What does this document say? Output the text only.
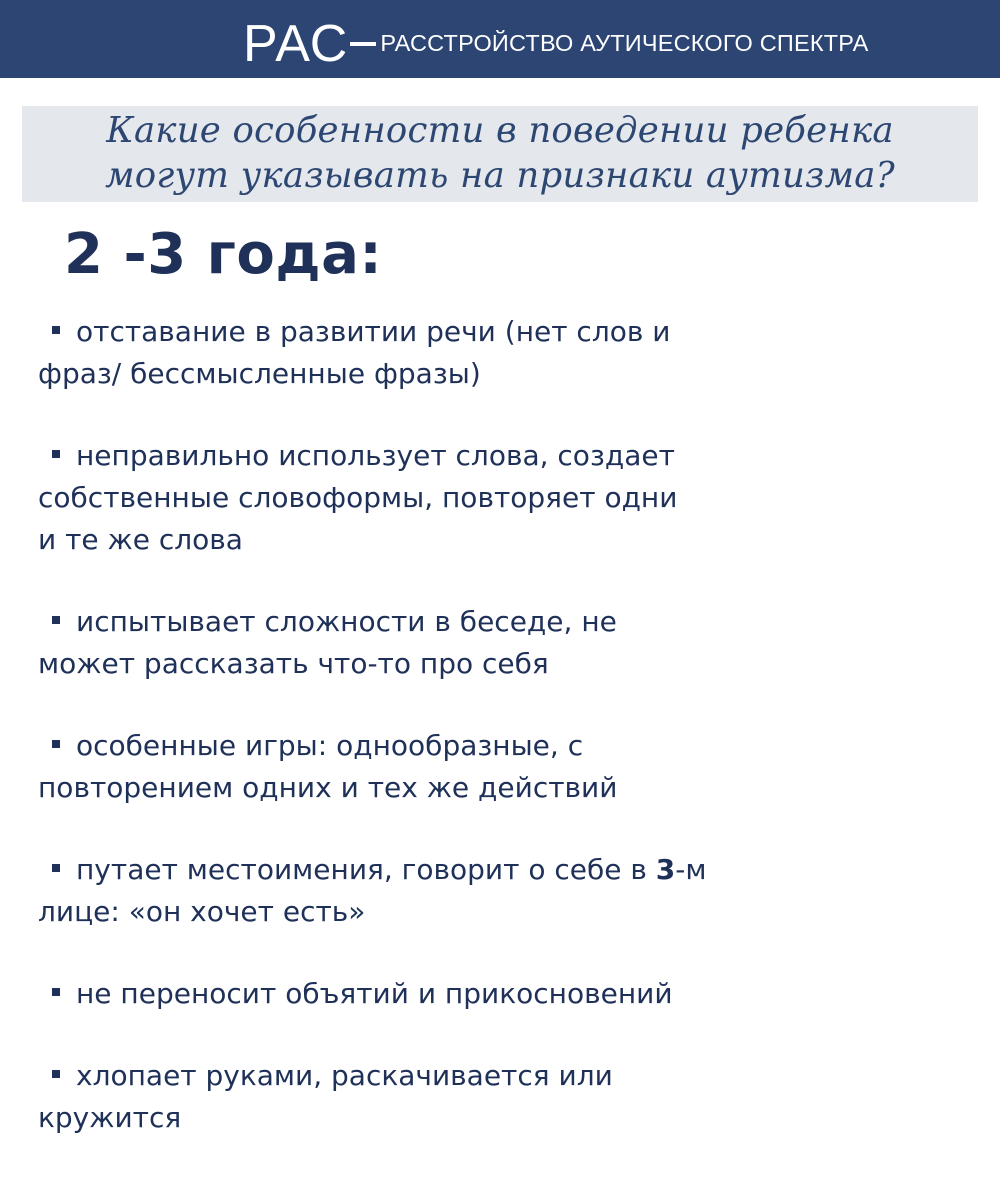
РАС РАССТРОЙСТВО АУТИЧЕСКОГО СПЕКТРА

Какие особенности в поведении ребенка
могут указывать на признаки аутизма?

2 -3 года:
отставание в развитии речи (нет слов и
фраз/ бессмысленные фразы)
неправильно использует слова, создает
собственные словоформы, повторяет одни
и те же слова
испытывает сложности в беседе, не
может рассказать что-то про себя
особенные игры: однообразные, с
повторением одних и тех же действий
путает местоимения, говорит о себе в 3-м
лице: «он хочет есть»
не переносит объятий и прикосновений
хлопает руками, раскачивается или
кружится
